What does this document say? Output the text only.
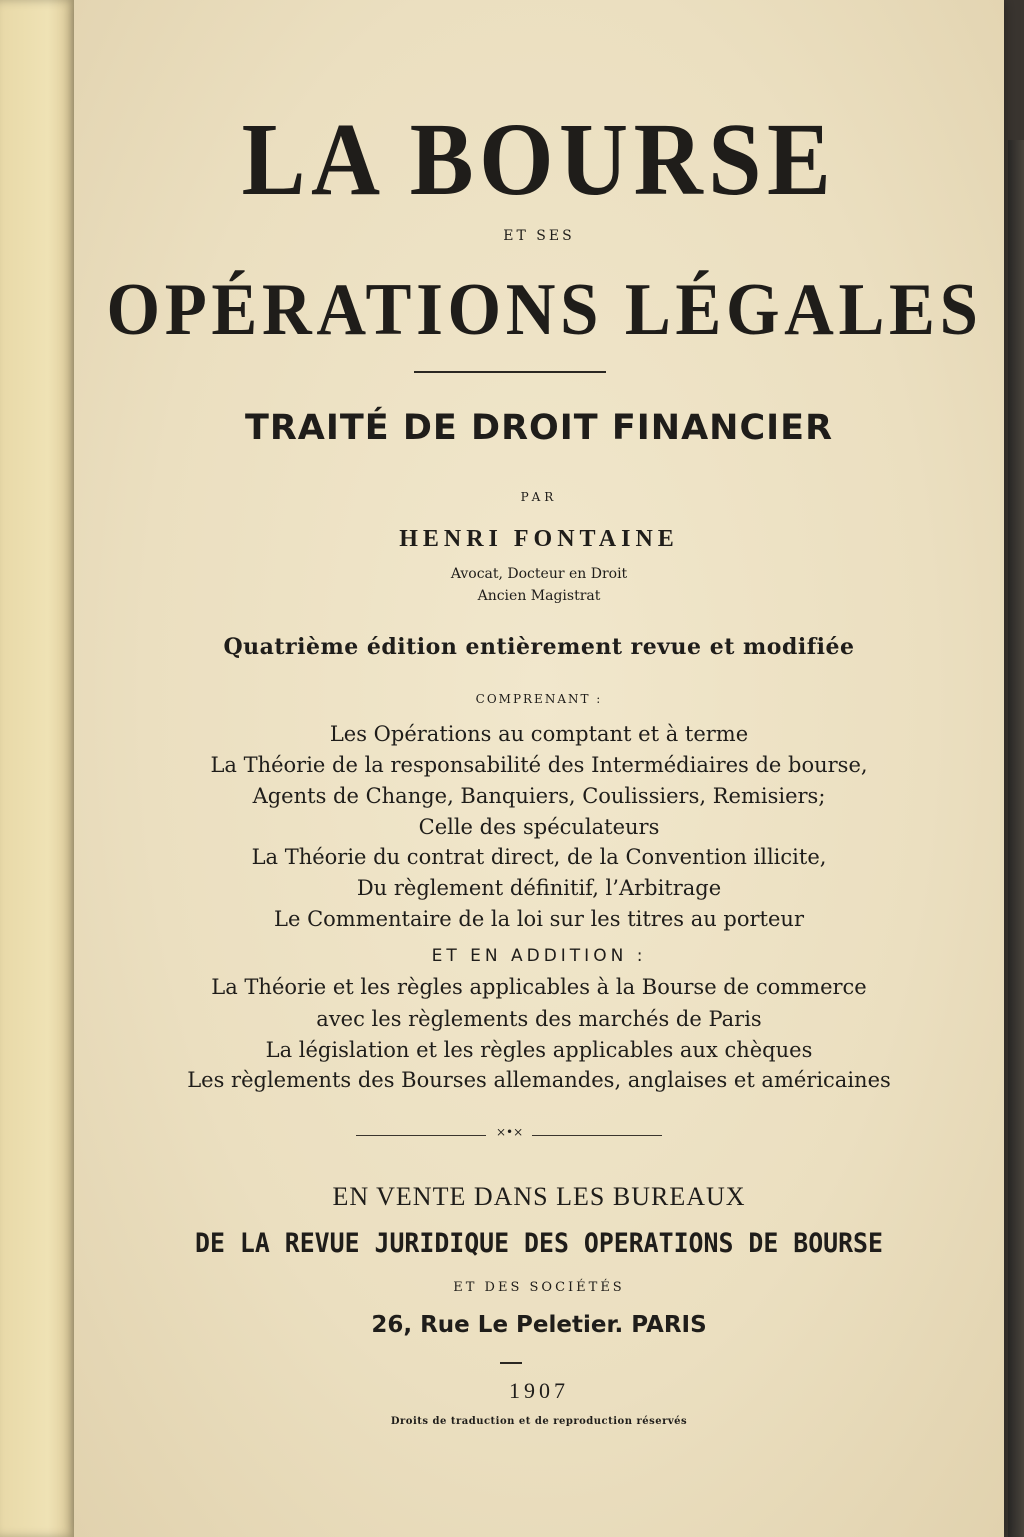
LA BOURSE
ET SES
OPÉRATIONS LÉGALES
TRAITÉ DE DROIT FINANCIER
PAR
HENRI FONTAINE
Avocat, Docteur en Droit
Ancien Magistrat
Quatrième édition entièrement revue et modifiée
COMPRENANT :
Les Opérations au comptant et à terme
La Théorie de la responsabilité des Intermédiaires de bourse,
Agents de Change, Banquiers, Coulissiers, Remisiers;
Celle des spéculateurs
La Théorie du contrat direct, de la Convention illicite,
Du règlement définitif, l’Arbitrage
Le Commentaire de la loi sur les titres au porteur
ET EN ADDITION :
La Théorie et les règles applicables à la Bourse de commerce
avec les règlements des marchés de Paris
La législation et les règles applicables aux chèques
Les règlements des Bourses allemandes, anglaises et américaines
⨯•⨯
EN VENTE DANS LES BUREAUX
DE LA REVUE JURIDIQUE DES OPERATIONS DE BOURSE
ET DES SOCIÉTÉS
26, Rue Le Peletier. PARIS
1907
Droits de traduction et de reproduction réservés
